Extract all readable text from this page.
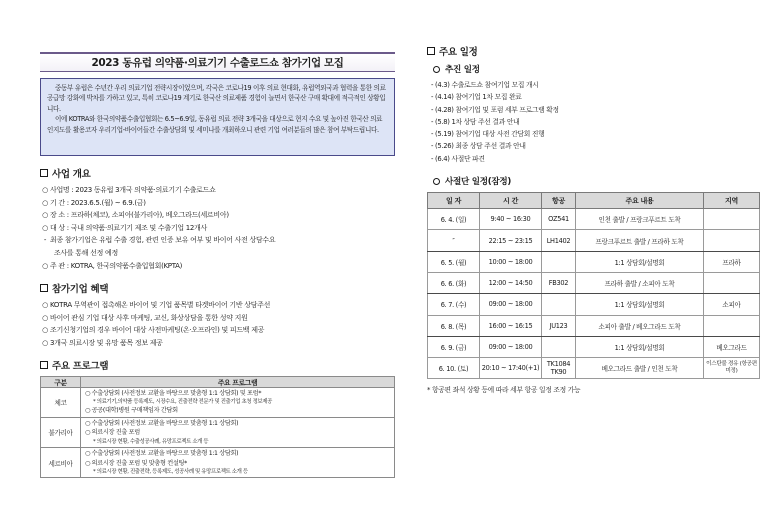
2023 동유럽 의약품·의료기기 수출로드쇼 참가기업 모집

중동부 유럽은 수년간 우리 의료기업 전략시장이었으며, 각국은 코로나19 이후 의료 현대화, 유럽역외국과 협력을 통한 의료 공급망 강화에 박차를 가하고 있고, 특히 코로나19 계기로 한국산 의료제품 경험이 늘면서 한국산 구매 확대에 적극적인 상황입니다.

이에 KOTRA와 한국의약품수출입협회는 6.5~6.9일, 동유럽 의료 전략 3개국을 대상으로 현지 수요 및 높아진 한국산 의료 인지도를 활용코자 우리기업-바이어들간 수출상담회 및 세미나를 개최하오니 관련 기업 여러분들의 많은 참여 부탁드립니다.

사업 개요
○ 사업명 : 2023 동유럽 3개국 의약품·의료기기 수출로드쇼
○ 기 간 : 2023.6.5.(월) ~ 6.9.(금)
○ 장 소 : 프라하(체코), 소피아(불가리아), 베오그라드(세르비아)
○ 대 상 : 국내 의약품·의료기기 제조 및 수출기업 12개사
- 최종 참가기업은 유럽 수출 경험, 관련 인증 보유 여부 및 바이어 사전 상담수요
조사를 통해 선정 예정
○ 주 관 : KOTRA, 한국의약품수출입협회(KPTA)
참가기업 혜택
○ KOTRA 무역관이 접촉해온 바이어 및 기업 품목별 타겟바이어 기반 상담주선
○ 바이어 관심 기업 대상 사후 마케팅, 교신, 화상상담을 통한 성약 지원
○ 조기신청기업의 경우 바이어 대상 사전마케팅(온·오프라인) 및 피드백 제공
○ 3개국 의료시장 및 유망 품목 정보 제공
주요 프로그램
구분	주요 프로그램
체코	○ 수출상담회 (사전정보 교환을 바탕으로 맞춤형 1:1 상담회) 및 포럼*
* 의료기기,의약품 등록제도, 시장수요, 진출전략 전문가 및 진출기업 초청 정보제공
○ 공공(대학)병원 구매책임자 간담회

불가리아	○ 수출상담회 (사전정보 교환을 바탕으로 맞춤형 1:1 상담회)
○ 의료시장 진출 포럼
* 의료시장 현황, 수출성공사례, 유망프로젝트 소개 등

세르비아	○ 수출상담회 (사전정보 교환을 바탕으로 맞춤형 1:1 상담회)
○ 의료시장 진출 포럼 및 맞춤형 컨설팅*
* 의료시장 현황, 진출전략, 등록제도, 성공사례 및 유망프로젝트 소개 등
주요 일정
추진 일정
- (4.3) 수출로드쇼 참여기업 모집 개시
- (4.14) 참여기업 1차 모집 완료
- (4.28) 참여기업 및 포럼 세부 프로그램 확정
- (5.8) 1차 상담 주선 결과 안내
- (5.19) 참여기업 대상 사전 간담회 진행
- (5.26) 최종 상담 주선 결과 안내
- (6.4) 사절단 파견
사절단 일정(잠정)
일 자	시 간	항공	주요 내용	지역
6. 4. (일)	9:40 ~ 16:30	OZ541	인천 출발 / 프랑크푸르트 도착	
″	22:15 ~ 23:15	LH1402	프랑크푸르트 출발 / 프라하 도착	
6. 5. (월)	10:00 ~ 18:00		1:1 상담회/설명회	프라하
6. 6. (화)	12:00 ~ 14:50	FB302	프라하 출발 / 소피아 도착	
6. 7. (수)	09:00 ~ 18:00		1:1 상담회/설명회	소피아
6. 8. (목)	16:00 ~ 16:15	JU123	소피아 출발 / 베오그라드 도착	
6. 9. (금)	09:00 ~ 18:00		1:1 상담회/설명회	베오그라드
6. 10. (토)	20:10 ~ 17:40(+1)	TK1084 TK90	베오그라드 출발 / 인천 도착	이스탄불 경유 (항공편 미정)
* 항공편 좌석 상황 등에 따라 세부 항공 일정 조정 가능
